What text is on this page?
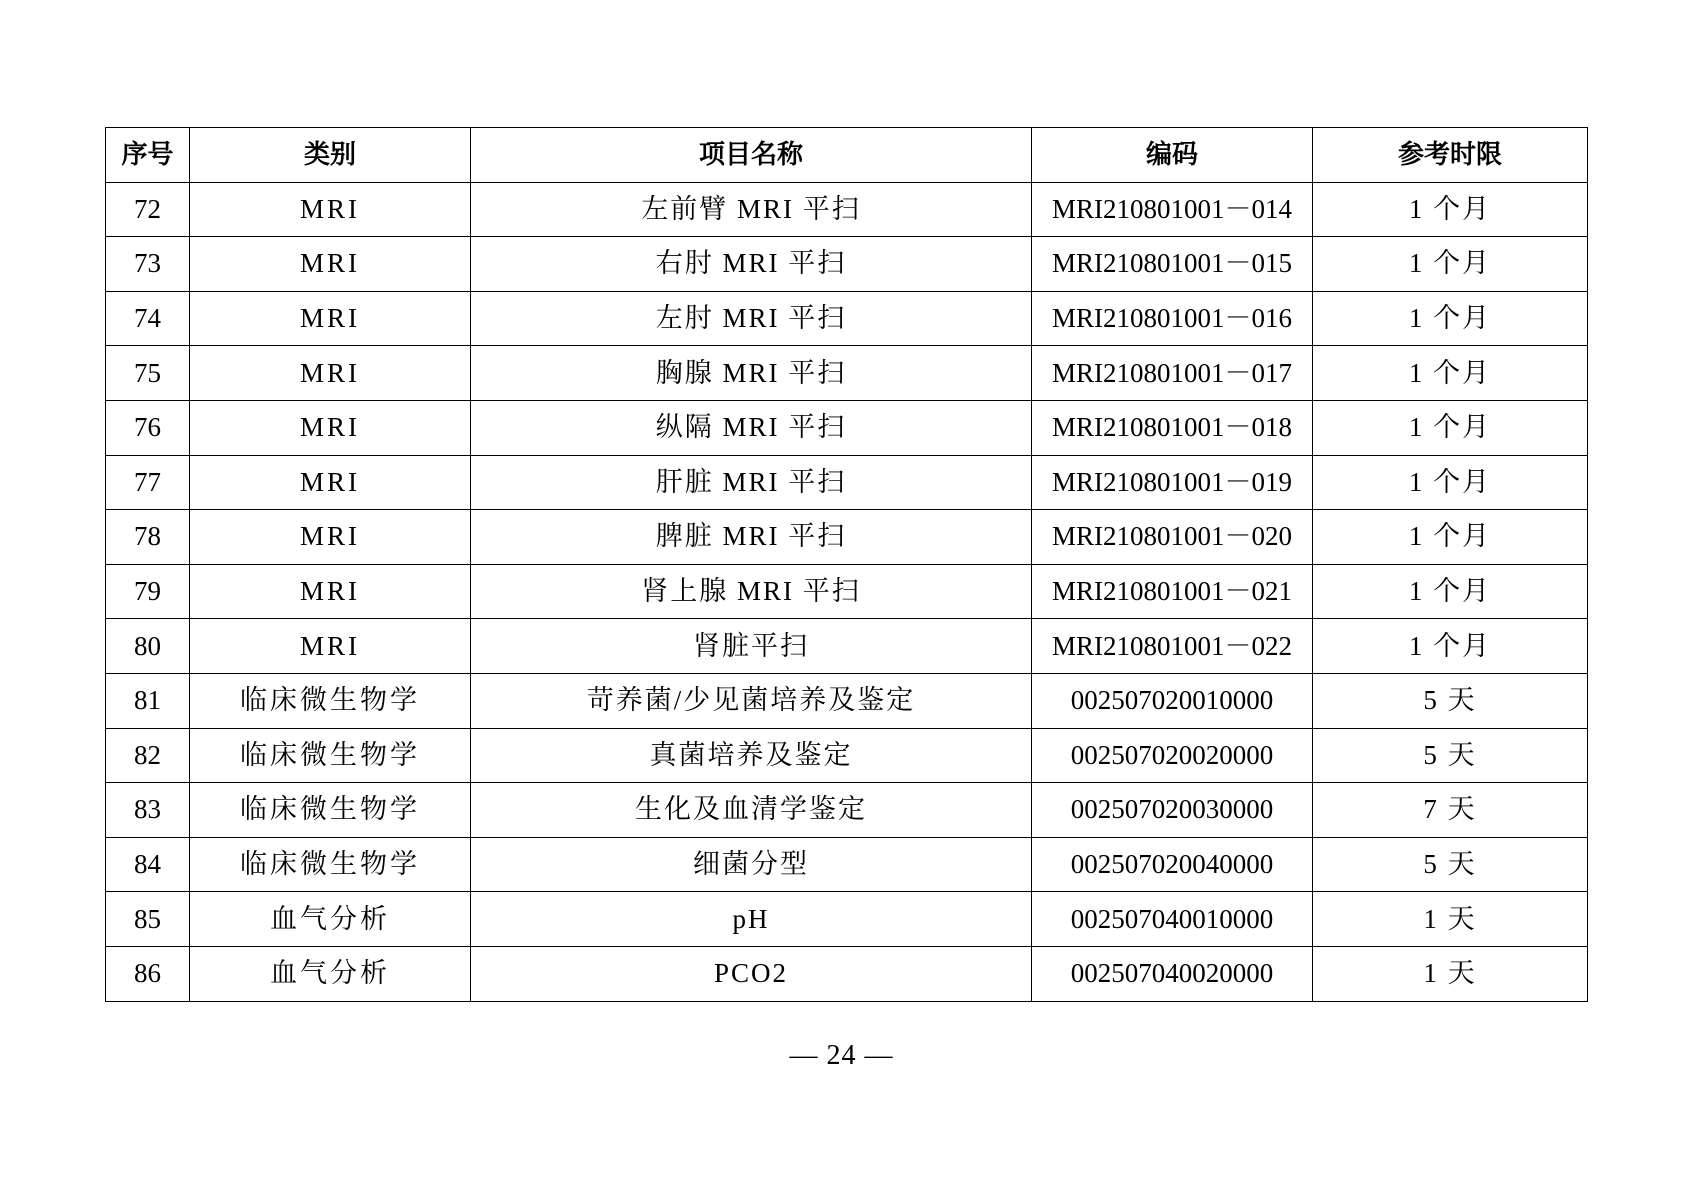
序号	类别	项目名称	编码	参考时限
72	MRI	左前臂 MRI 平扫	MRI210801001－014	1 个月
73	MRI	右肘 MRI 平扫	MRI210801001－015	1 个月
74	MRI	左肘 MRI 平扫	MRI210801001－016	1 个月
75	MRI	胸腺 MRI 平扫	MRI210801001－017	1 个月
76	MRI	纵隔 MRI 平扫	MRI210801001－018	1 个月
77	MRI	肝脏 MRI 平扫	MRI210801001－019	1 个月
78	MRI	脾脏 MRI 平扫	MRI210801001－020	1 个月
79	MRI	肾上腺 MRI 平扫	MRI210801001－021	1 个月
80	MRI	肾脏平扫	MRI210801001－022	1 个月
81	临床微生物学	苛养菌/少见菌培养及鉴定	002507020010000	5 天
82	临床微生物学	真菌培养及鉴定	002507020020000	5 天
83	临床微生物学	生化及血清学鉴定	002507020030000	7 天
84	临床微生物学	细菌分型	002507020040000	5 天
85	血气分析	pH	002507040010000	1 天
86	血气分析	PCO2	002507040020000	1 天
— 24 —
